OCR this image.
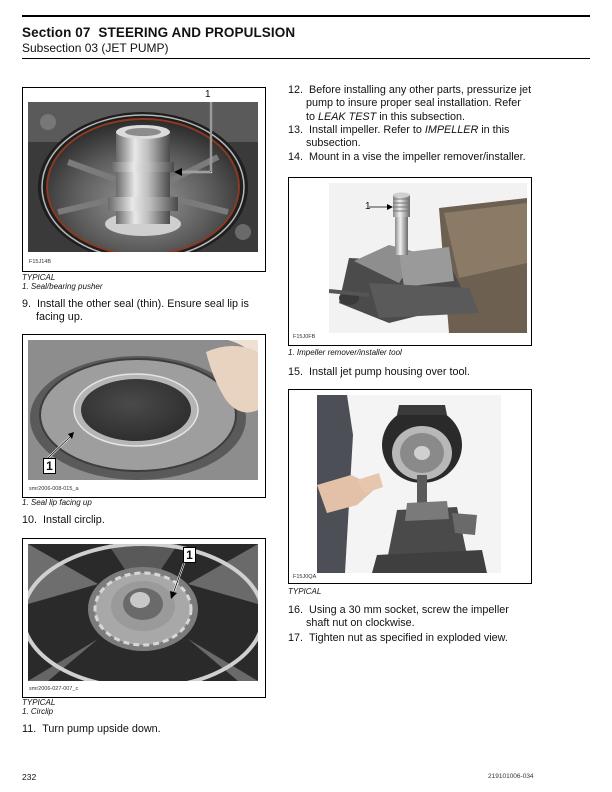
Section 07 STEERING AND PROPULSION
Subsection 03 (JET PUMP)
1
F15J14B
TYPICAL
1. Seal/bearing pusher
9. Install the other seal (thin). Ensure seal lip is
facing up.
1
smr2006-008-015_a
1. Seal lip facing up
10. Install circlip.
1
smr2006-027-007_c
TYPICAL
1. Circlip
11. Turn pump upside down.
12. Before installing any other parts, pressurize jet
pump to insure proper seal installation. Refer
to LEAK TEST in this subsection.
13. Install impeller. Refer to IMPELLER in this
subsection.
14. Mount in a vise the impeller remover/installer.
1
F15J0FB
1. Impeller remover/installer tool
15. Install jet pump housing over tool.
F15J0QA
TYPICAL
16. Using a 30 mm socket, screw the impeller
shaft nut on clockwise.
17. Tighten nut as specified in exploded view.
232	219101006-034
